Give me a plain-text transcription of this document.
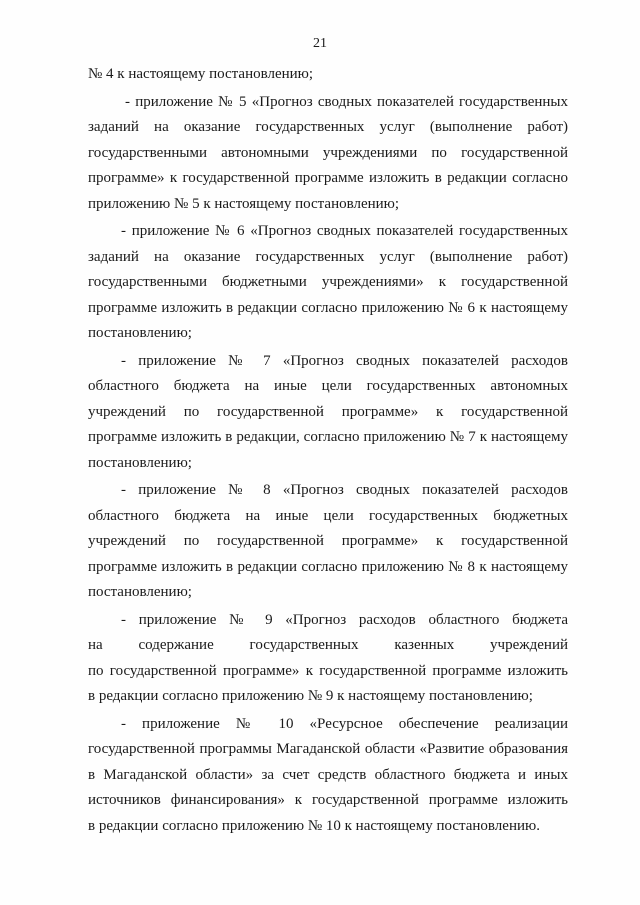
21
№ 4 к настоящему постановлению;
- приложение № 5 «Прогноз сводных показателей государственных
заданий на оказание государственных услуг (выполнение работ)
государственными автономными учреждениями по государственной
программе» к государственной программе изложить в редакции согласно
приложению № 5 к настоящему постановлению;
- приложение № 6 «Прогноз сводных показателей государственных
заданий на оказание государственных услуг (выполнение работ)
государственными бюджетными учреждениями» к государственной
программе изложить в редакции согласно приложению № 6 к настоящему
постановлению;
- приложение № 7 «Прогноз сводных показателей расходов
областного бюджета на иные цели государственных автономных
учреждений по государственной программе» к государственной
программе изложить в редакции, согласно приложению № 7 к настоящему
постановлению;
- приложение № 8 «Прогноз сводных показателей расходов
областного бюджета на иные цели государственных бюджетных
учреждений по государственной программе» к государственной
программе изложить в редакции согласно приложению № 8 к настоящему
постановлению;
- приложение № 9 «Прогноз расходов областного бюджета
на содержание государственных казенных учреждений
по государственной программе» к государственной программе изложить
в редакции согласно приложению № 9 к настоящему постановлению;
- приложение № 10 «Ресурсное обеспечение реализации
государственной программы Магаданской области «Развитие образования
в Магаданской области» за счет средств областного бюджета и иных
источников финансирования» к государственной программе изложить
в редакции согласно приложению № 10 к настоящему постановлению.
